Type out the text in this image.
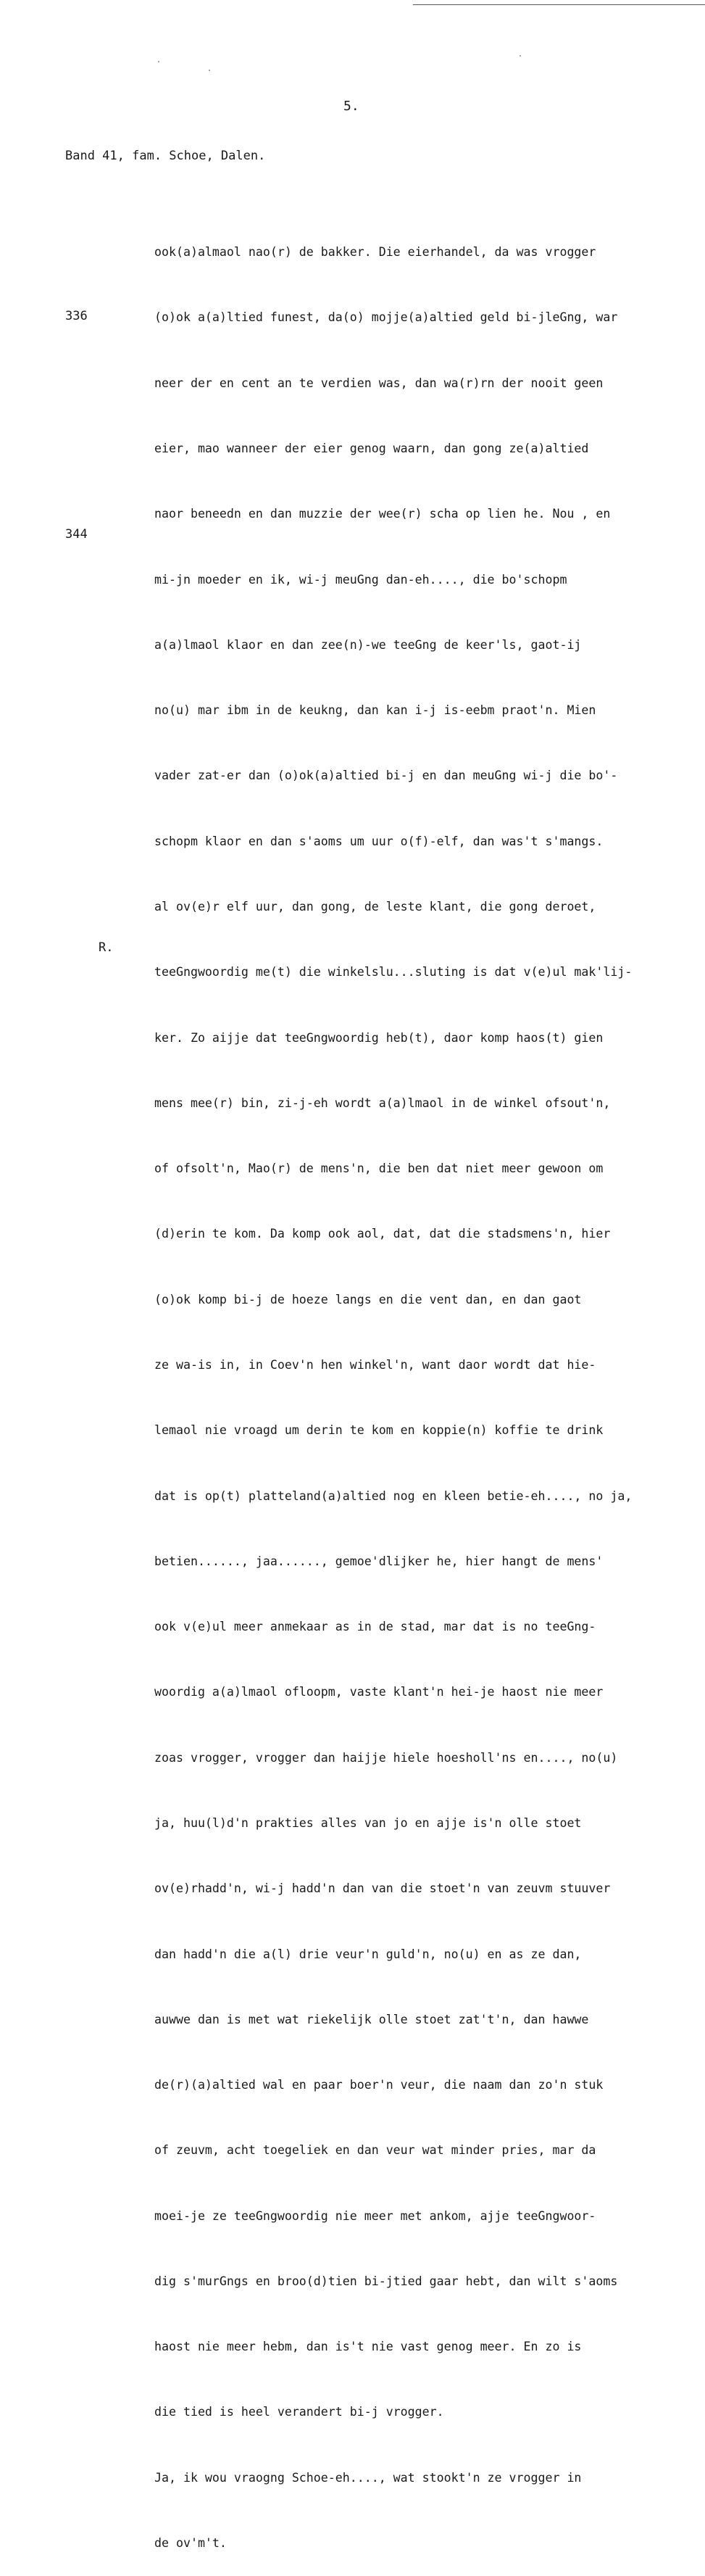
5.
Band 41, fam. Schoe, Dalen.
336
344
R.

ook(a)almaol nao(r) de bakker. Die eierhandel, da was vrogger

(o)ok a(a)ltied funest, da(o) mojje(a)altied geld bi-jleGng, war

neer der en cent an te verdien was, dan wa(r)rn der nooit geen

eier, mao wanneer der eier genog waarn, dan gong ze(a)altied

naor beneedn en dan muzzie der wee(r) scha op lien he. Nou , en

mi-jn moeder en ik, wi-j meuGng dan-eh...., die bo'schopm

a(a)lmaol klaor en dan zee(n)-we teeGng de keer'ls, gaot-ij

no(u) mar ibm in de keukng, dan kan i-j is-eebm praot'n. Mien

vader zat-er dan (o)ok(a)altied bi-j en dan meuGng wi-j die bo'-

schopm klaor en dan s'aoms um uur o(f)-elf, dan was't s'mangs.

al ov(e)r elf uur, dan gong, de leste klant, die gong deroet,

teeGngwoordig me(t) die winkelslu...sluting is dat v(e)ul mak'lij-

ker. Zo aijje dat teeGngwoordig heb(t), daor komp haos(t) gien

mens mee(r) bin, zi-j-eh wordt a(a)lmaol in de winkel ofsout'n,

of ofsolt'n, Mao(r) de mens'n, die ben dat niet meer gewoon om

(d)erin te kom. Da komp ook aol, dat, dat die stadsmens'n, hier

(o)ok komp bi-j de hoeze langs en die vent dan, en dan gaot

ze wa-is in, in Coev'n hen winkel'n, want daor wordt dat hie-

lemaol nie vroagd um derin te kom en koppie(n) koffie te drink

dat is op(t) platteland(a)altied nog en kleen betie-eh...., no ja,

betien......, jaa......, gemoe'dlijker he, hier hangt de mens'

ook v(e)ul meer anmekaar as in de stad, mar dat is no teeGng-

woordig a(a)lmaol ofloopm, vaste klant'n hei-je haost nie meer

zoas vrogger, vrogger dan haijje hiele hoesholl'ns en...., no(u)

ja, huu(l)d'n prakties alles van jo en ajje is'n olle stoet

ov(e)rhadd'n, wi-j hadd'n dan van die stoet'n van zeuvm stuuver

dan hadd'n die a(l) drie veur'n guld'n, no(u) en as ze dan,

auwwe dan is met wat riekelijk olle stoet zat't'n, dan hawwe

de(r)(a)altied wal en paar boer'n veur, die naam dan zo'n stuk

of zeuvm, acht toegeliek en dan veur wat minder pries, mar da

moei-je ze teeGngwoordig nie meer met ankom, ajje teeGngwoor-

dig s'murGngs en broo(d)tien bi-jtied gaar hebt, dan wilt s'aoms

haost nie meer hebm, dan is't nie vast genog meer. En zo is

die tied is heel verandert bi-j vrogger.

Ja, ik wou vraogng Schoe-eh...., wat stookt'n ze vrogger in

de ov'm't.
